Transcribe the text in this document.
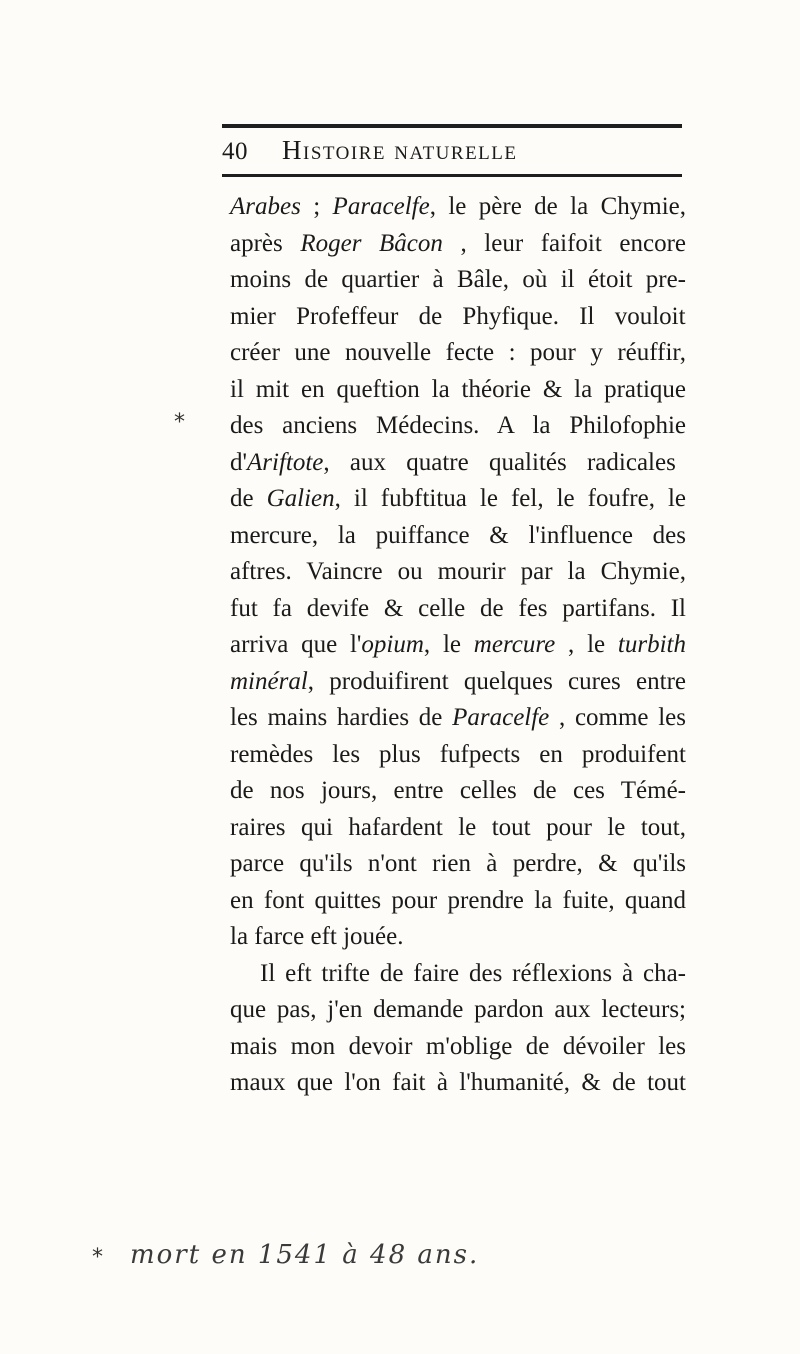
40	Histoire naturelle
*
Arabes ; Paracelfe, le père de la Chymie,
après Roger Bâcon , leur faifoit encore
moins de quartier à Bâle, où il étoit pre-
mier Profeffeur de Phyfique. Il vouloit
créer une nouvelle fecte : pour y réuffir,
il mit en queftion la théorie & la pratique
des anciens Médecins. A la Philofophie
d'Ariftote, aux quatre qualités radicales
de Galien, il fubftitua le fel, le foufre, le
mercure, la puiffance & l'influence des
aftres. Vaincre ou mourir par la Chymie,
fut fa devife & celle de fes partifans. Il
arriva que l'opium, le mercure , le turbith
minéral, produifirent quelques cures entre
les mains hardies de Paracelfe , comme les
remèdes les plus fufpects en produifent
de nos jours, entre celles de ces Témé-
raires qui hafardent le tout pour le tout,
parce qu'ils n'ont rien à perdre, & qu'ils
en font quittes pour prendre la fuite, quand
la farce eft jouée.
Il eft trifte de faire des réflexions à cha-
que pas, j'en demande pardon aux lecteurs;
mais mon devoir m'oblige de dévoiler les
maux que l'on fait à l'humanité, & de tout
* mort en 1541 à 48 ans.
